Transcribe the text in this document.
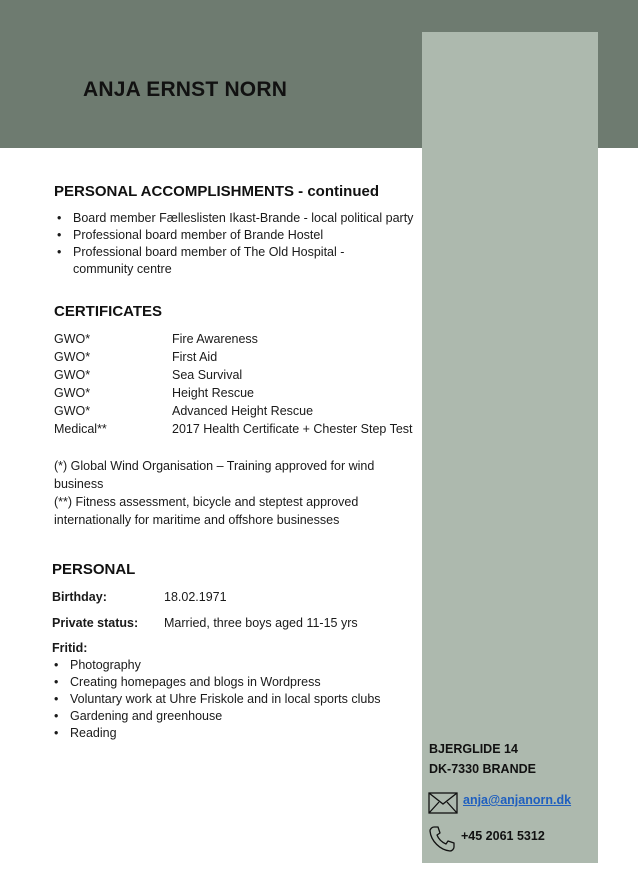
ANJA ERNST NORN
PERSONAL ACCOMPLISHMENTS - continued
• Board member Fælleslisten Ikast-Brande - local political party
• Professional board member of Brande Hostel
• Professional board member of The Old Hospital - community centre
CERTIFICATES
GWO*	Fire Awareness
GWO*	First Aid
GWO*	Sea Survival
GWO*	Height Rescue
GWO*	Advanced Height Rescue
Medical**	2017 Health Certificate + Chester Step Test
(*) Global Wind Organisation – Training approved for wind business
(**) Fitness assessment, bicycle and steptest approved internationally for maritime and offshore businesses
PERSONAL
Birthday:	18.02.1971
Private status: Married, three boys aged 11-15 yrs
Fritid:
• Photography
• Creating homepages and blogs in Wordpress
• Voluntary work at Uhre Friskole and in local sports clubs
• Gardening and greenhouse
• Reading
BJERGLIDE 14
DK-7330 BRANDE
anja@anjanorn.dk
+45 2061 5312
